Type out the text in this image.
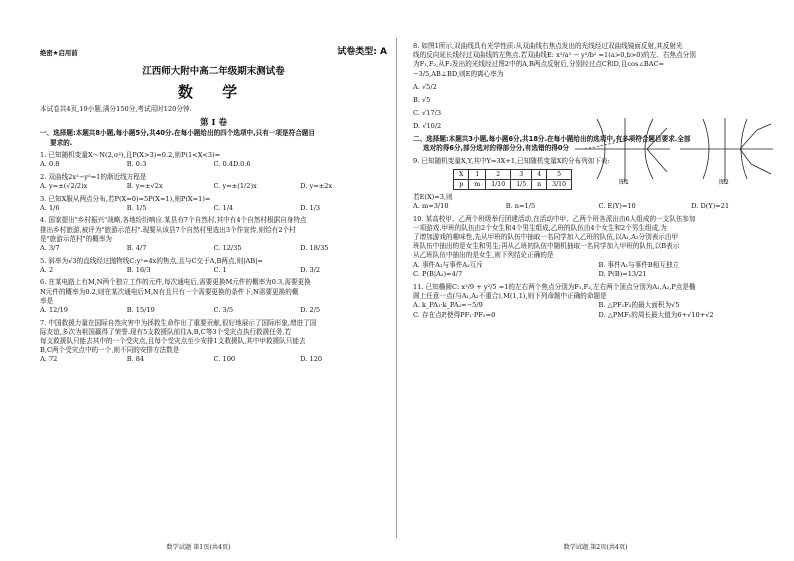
绝密★启用前	试卷类型: A
江西师大附中高二年级期末测试卷
数 学
本试卷共4页,19小题,满分150分,考试用时120分钟.
第 Ⅰ 卷
一、选择题:本题共8小题,每小题5分,共40分.在每小题给出的四个选项中,只有一项是符合题目
要求的.
1. 已知随机变量X～N(2,σ²),且P(X>3)=0.2,则P(1<X<3)=
A. 0.8	B. 0.3	C. 0.4D.0.6
2. 双曲线2x²−y²=1的渐近线方程是
A. y=±(√2/2)x	B. y=±√2x	C. y=±(1/2)x	D. y=±2x
3. 已知X服从两点分布,若P(X=0)=5P(X=1),则P(X=1)=
A. 1/6	B. 1/5	C. 1/4	D. 1/3
4. 国家提出"乡村振兴"战略,各地纷纷响应.某县有7个自然村,其中有4个自然村根据自身特点
推出乡村旅游,被评为"旅游示范村".现要从该县7个自然村里选出3个作宣传,则恰有2个村
是"旅游示范村"的概率为
A. 3/7	B. 4/7	C. 12/35	D. 18/35
5. 斜率为√3的直线经过抛物线C:y²=4x的焦点,且与C交于A,B两点,则|AB|=
A. 2	B. 16/3	C. 1	D. 3/2
6. 在某电路上有M,N两个独立工作的元件,每次通电后,需要更换M元件的概率为0.3,需要更换
N元件的概率为0.2,则在某次通电后M,N有且只有一个需要更换的条件下,N需要更换的概
率是
A. 12/19	B. 15/19	C. 3/5	D. 2/5
7. 中国救援力量在国际自然灾害中为拯救生命作出了重要贡献,很好地展示了国际形象,增进了国
际友谊,多次为祖国赢得了荣誉.现有5支救援队前往A,B,C等3个受灾点执行救援任务,若
每支救援队只能去其中的一个受灾点,且每个受灾点至少安排1支救援队,其中甲救援队只能去
B,C两个受灾点中的一个,则不同的安排方法数是
A. 72	B. 84	C. 100	D. 120
数学试题 第1页(共4页)
8. 如图1所示,双曲线具有光学性质:从双曲线右焦点发出的光线经过双曲线镜面反射,其反射光
线的反向延长线经过双曲线的左焦点.若双曲线E: x²/a² − y²/b² =1(a>0,b>0)的左、右焦点分别
为F₁,F₂,从F₂发出的光线经过图2中的A,B两点反射后,分别经过点C和D,且cos∠BAC=
−3/5,AB⊥BD,则E的离心率为
A. √5/2
B. √5
C. √17/3
D. √10/2
图1	图2
二、选择题:本题共3小题,每小题6分,共18分.在每小题给出的选项中,有多项符合题目要求.全部
选对的得6分,部分选对的得部分分,有选错的得0分
9. 已知随机变量X,Y,其中Y=3X+1,已知随机变量X的分布列如下表:
X	1	2	3	4	5
p	m	1/10	1/5	n	3/10
若E(X)=3,则
A. m=3/10	B. n=1/5	C. E(Y)=10	D. D(Y)=21
10. 某高校甲、乙两个班级举行团建活动,在活动中甲、乙两个班各派出由6人组成的一支队伍参加
一项游戏.甲班的队伍由2个女生和4个男生组成,乙班的队伍由4个女生和2个男生组成,为
了增加游戏的趣味性,先从甲班的队伍中抽取一名同学加入乙班的队伍,以A₁,A₂分别表示由甲
班队伍中抽出的是女生和男生;再从乙班的队伍中随机抽取一名同学加入甲班的队伍,以B表示
从乙班队伍中抽出的是女生,则下列结论正确的是
A. 事件A₁与事件A₂互斥	B. 事件A₁与事件B相互独立
C. P(B|A₂)=4/7	D. P(B)=13/21
11. 已知椭圆C: x²/9 + y²/5 =1的左右两个焦点分别为F₁,F₂,左右两个顶点分别为A₁,A₂,P点是椭
圆上任意一点(与A₁,A₂不重合),M(1,1),则下列命题中正确的命题是
A. k_PA₁·k_PA₂=−5/9	B. △PF₁F₂的最大面积为√5
C. 存在点P,使得PF₁·PF₂=0	D. △PMF₁的周长最大值为6+√10+√2
数学试题 第2页(共4页)
